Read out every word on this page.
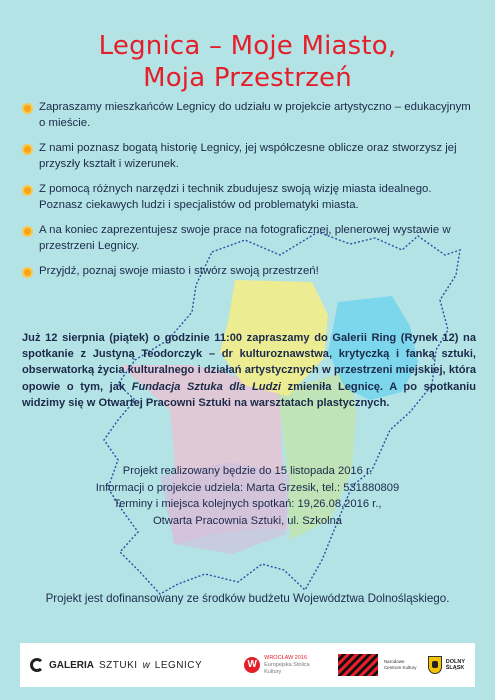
Legnica – Moje Miasto,
Moja Przestrzeń
Zapraszamy mieszkańców Legnicy do udziału w projekcie artystyczno – edukacyjnym o mieście.
Z nami poznasz bogatą historię Legnicy, jej współczesne oblicze oraz stworzysz jej przyszły kształt i wizerunek.
Z pomocą różnych narzędzi i technik zbudujesz swoją wizję miasta idealnego. Poznasz ciekawych ludzi i specjalistów od problematyki miasta.
A na koniec zaprezentujesz swoje prace na fotograficznej, plenerowej wystawie w przestrzeni Legnicy.
Przyjdź, poznaj swoje miasto i stwórz swoją przestrzeń!
Już 12 sierpnia (piątek) o godzinie 11:00 zapraszamy do Galerii Ring (Rynek 12) na spotkanie z Justyną Teodorczyk – dr kulturoznawstwa, krytyczką i fanką sztuki, obserwatorką życia kulturalnego i działań artystycznych w przestrzeni miejskiej, która opowie o tym, jak Fundacja Sztuka dla Ludzi zmieniła Legnicę. A po spotkaniu widzimy się w Otwartej Pracowni Sztuki na warsztatach plastycznych.
Projekt realizowany będzie do 15 listopada 2016 r.
Informacji o projekcie udziela: Marta Grzesik, tel.: 531880809
Terminy i miejsca kolejnych spotkań: 19,26.08.2016 r.,
Otwarta Pracownia Sztuki, ul. Szkolna
Projekt jest dofinansowany ze środków budżetu Województwa Dolnośląskiego.
GALERIA SZTUKI w LEGNICY	W
WROCŁAW 2016
Europejska Stolica Kultury
Narodowe Centrum Kultury
DOLNY
ŚLĄSK
